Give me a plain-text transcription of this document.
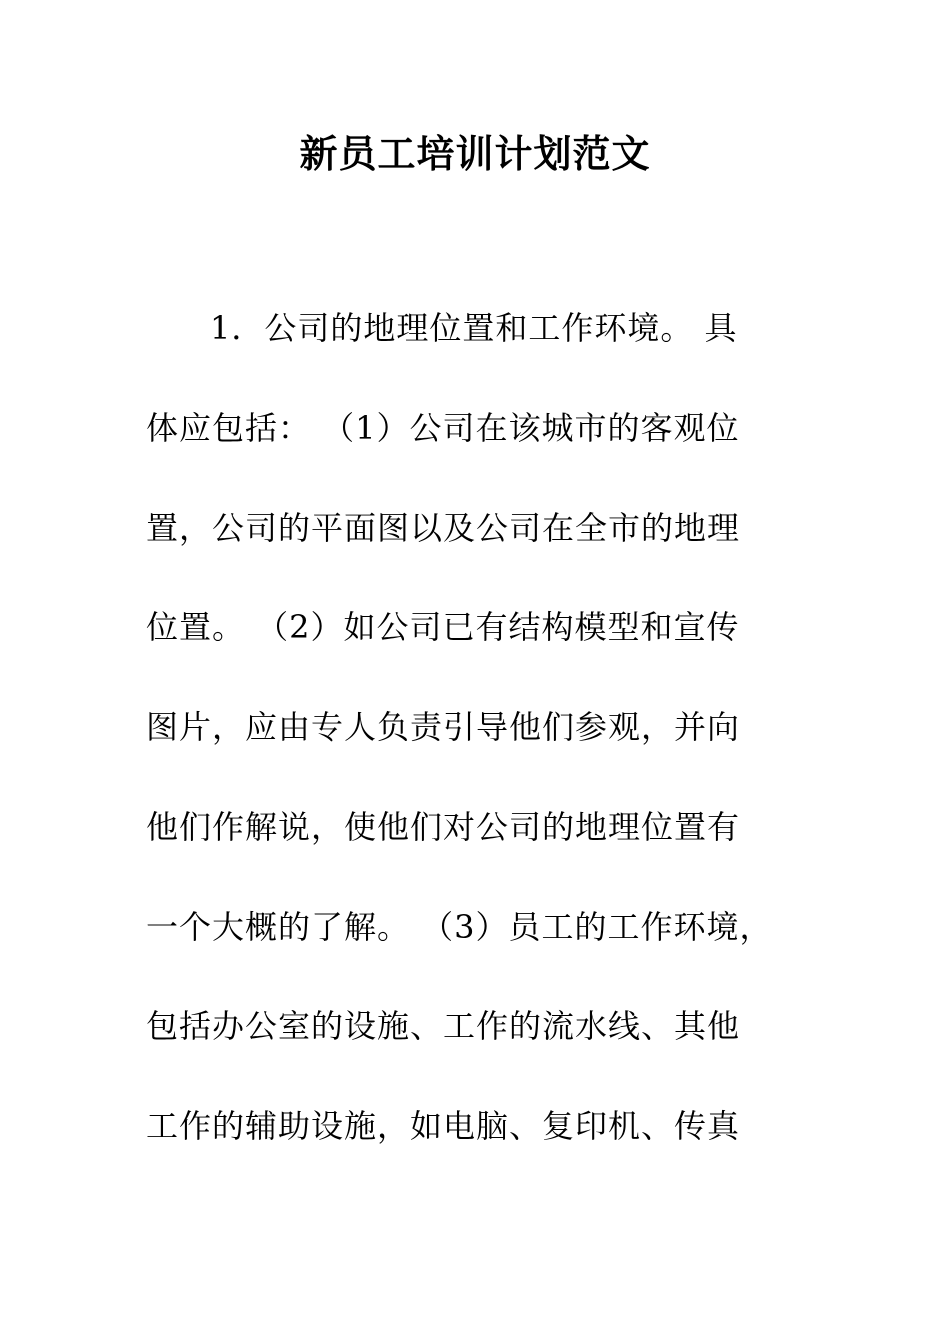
新员工培训计划范文
1．公司的地理位置和工作环境。 具
体应包括： （1）公司在该城市的客观位
置，公司的平面图以及公司在全市的地理
位置。 （2）如公司已有结构模型和宣传
图片，应由专人负责引导他们参观，并向
他们作解说，使他们对公司的地理位置有
一个大概的了解。 （3）员工的工作环境，
包括办公室的设施、工作的流水线、其他
工作的辅助设施，如电脑、复印机、传真
